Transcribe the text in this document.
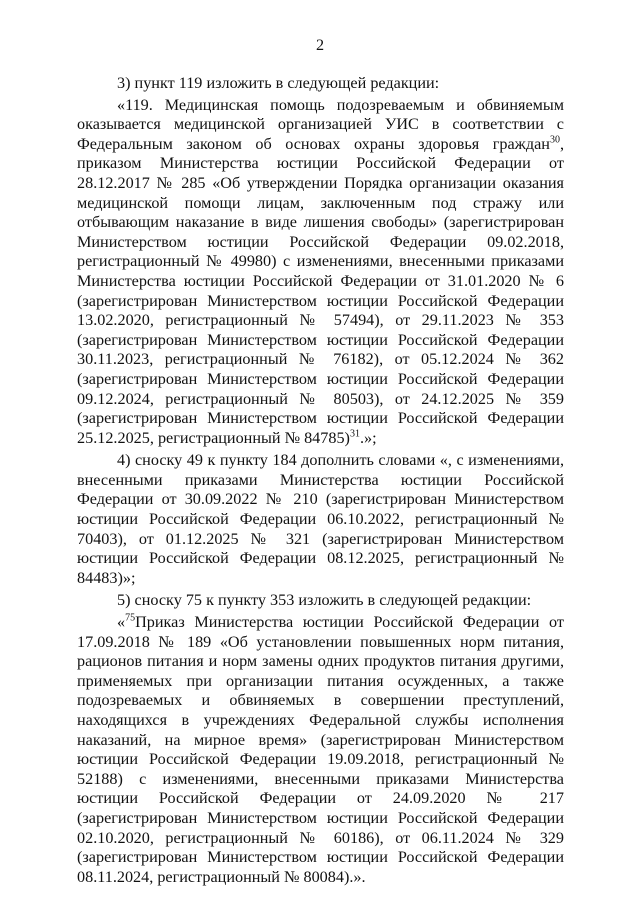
2

3) пункт 119 изложить в следующей редакции:

«119. Медицинская помощь подозреваемым и обвиняемым оказывается медицинской организацией УИС в соответствии с Федеральным законом об основах охраны здоровья граждан$^{30}$, приказом Министерства юстиции Российской Федерации от 28.12.2017 № 285 «Об утверждении Порядка организации оказания медицинской помощи лицам, заключенным под стражу или отбывающим наказание в виде лишения свободы» (зарегистрирован Министерством юстиции Российской Федерации 09.02.2018, регистрационный № 49980) с изменениями, внесенными приказами Министерства юстиции Российской Федерации от 31.01.2020 № 6 (зарегистрирован Министерством юстиции Российской Федерации 13.02.2020, регистрационный № 57494), от 29.11.2023 № 353 (зарегистрирован Министерством юстиции Российской Федерации 30.11.2023, регистрационный № 76182), от 05.12.2024 № 362 (зарегистрирован Министерством юстиции Российской Федерации 09.12.2024, регистрационный № 80503), от 24.12.2025 № 359 (зарегистрирован Министерством юстиции Российской Федерации 25.12.2025, регистрационный № 84785)$^{31}$.»;

4) сноску 49 к пункту 184 дополнить словами «, с изменениями, внесенными приказами Министерства юстиции Российской Федерации от 30.09.2022 № 210 (зарегистрирован Министерством юстиции Российской Федерации 06.10.2022, регистрационный № 70403), от 01.12.2025 № 321 (зарегистрирован Министерством юстиции Российской Федерации 08.12.2025, регистрационный № 84483)»;

5) сноску 75 к пункту 353 изложить в следующей редакции:

«$^{75}$Приказ Министерства юстиции Российской Федерации от 17.09.2018 № 189 «Об установлении повышенных норм питания, рационов питания и норм замены одних продуктов питания другими, применяемых при организации питания осужденных, а также подозреваемых и обвиняемых в совершении преступлений, находящихся в учреждениях Федеральной службы исполнения наказаний, на мирное время» (зарегистрирован Министерством юстиции Российской Федерации 19.09.2018, регистрационный № 52188) с изменениями, внесенными приказами Министерства юстиции Российской Федерации от 24.09.2020 № 217 (зарегистрирован Министерством юстиции Российской Федерации 02.10.2020, регистрационный № 60186), от 06.11.2024 № 329 (зарегистрирован Министерством юстиции Российской Федерации 08.11.2024, регистрационный № 80084).».
